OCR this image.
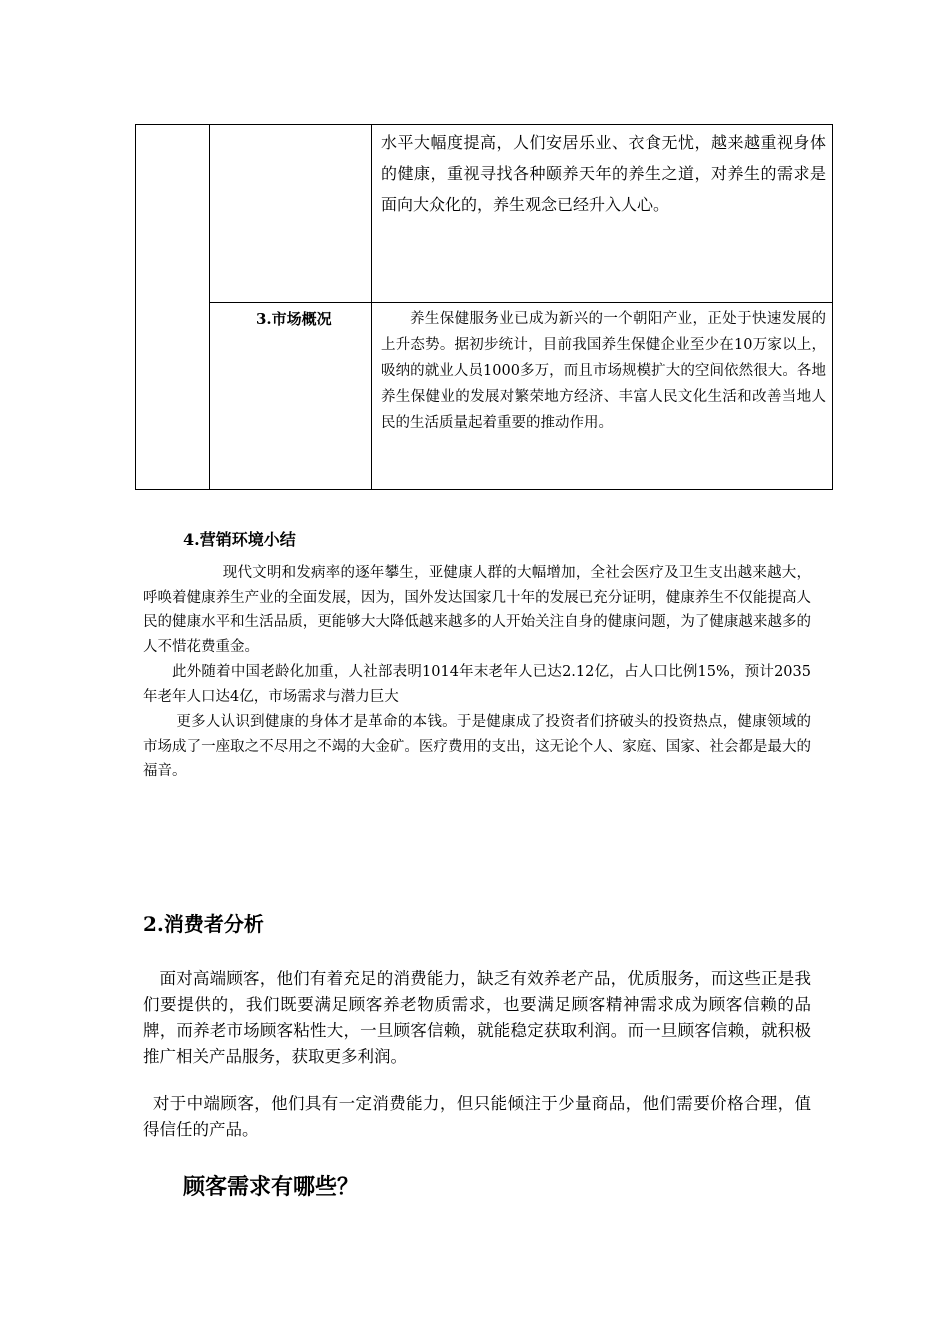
水平大幅度提高，人们安居乐业、衣食无忧，越来越重视身体的健康，重视寻找各种颐养天年的养生之道，对养生的需求是面向大众化的，养生观念已经升入人心。
3.市场概况	养生保健服务业已成为新兴的一个朝阳产业，正处于快速发展的上升态势。据初步统计，目前我国养生保健企业至少在10万家以上，吸纳的就业人员1000多万，而且市场规模扩大的空间依然很大。各地养生保健业的发展对繁荣地方经济、丰富人民文化生活和改善当地人民的生活质量起着重要的推动作用。
4.营销环境小结
现代文明和发病率的逐年攀生，亚健康人群的大幅增加，全社会医疗及卫生支出越来越大，呼唤着健康养生产业的全面发展，因为，国外发达国家几十年的发展已充分证明，健康养生不仅能提高人民的健康水平和生活品质，更能够大大降低越来越多的人开始关注自身的健康问题，为了健康越来越多的人不惜花费重金。
此外随着中国老龄化加重，人社部表明1014年末老年人已达2.12亿，占人口比例15%，预计2035年老年人口达4亿，市场需求与潜力巨大
更多人认识到健康的身体才是革命的本钱。于是健康成了投资者们挤破头的投资热点，健康领域的市场成了一座取之不尽用之不竭的大金矿。医疗费用的支出，这无论个人、家庭、国家、社会都是最大的福音。
2.消费者分析
面对高端顾客，他们有着充足的消费能力，缺乏有效养老产品，优质服务，而这些正是我们要提供的，我们既要满足顾客养老物质需求，也要满足顾客精神需求成为顾客信赖的品牌，而养老市场顾客粘性大，一旦顾客信赖，就能稳定获取利润。而一旦顾客信赖，就积极推广相关产品服务，获取更多利润。
对于中端顾客，他们具有一定消费能力，但只能倾注于少量商品，他们需要价格合理，值得信任的产品。
顾客需求有哪些？
